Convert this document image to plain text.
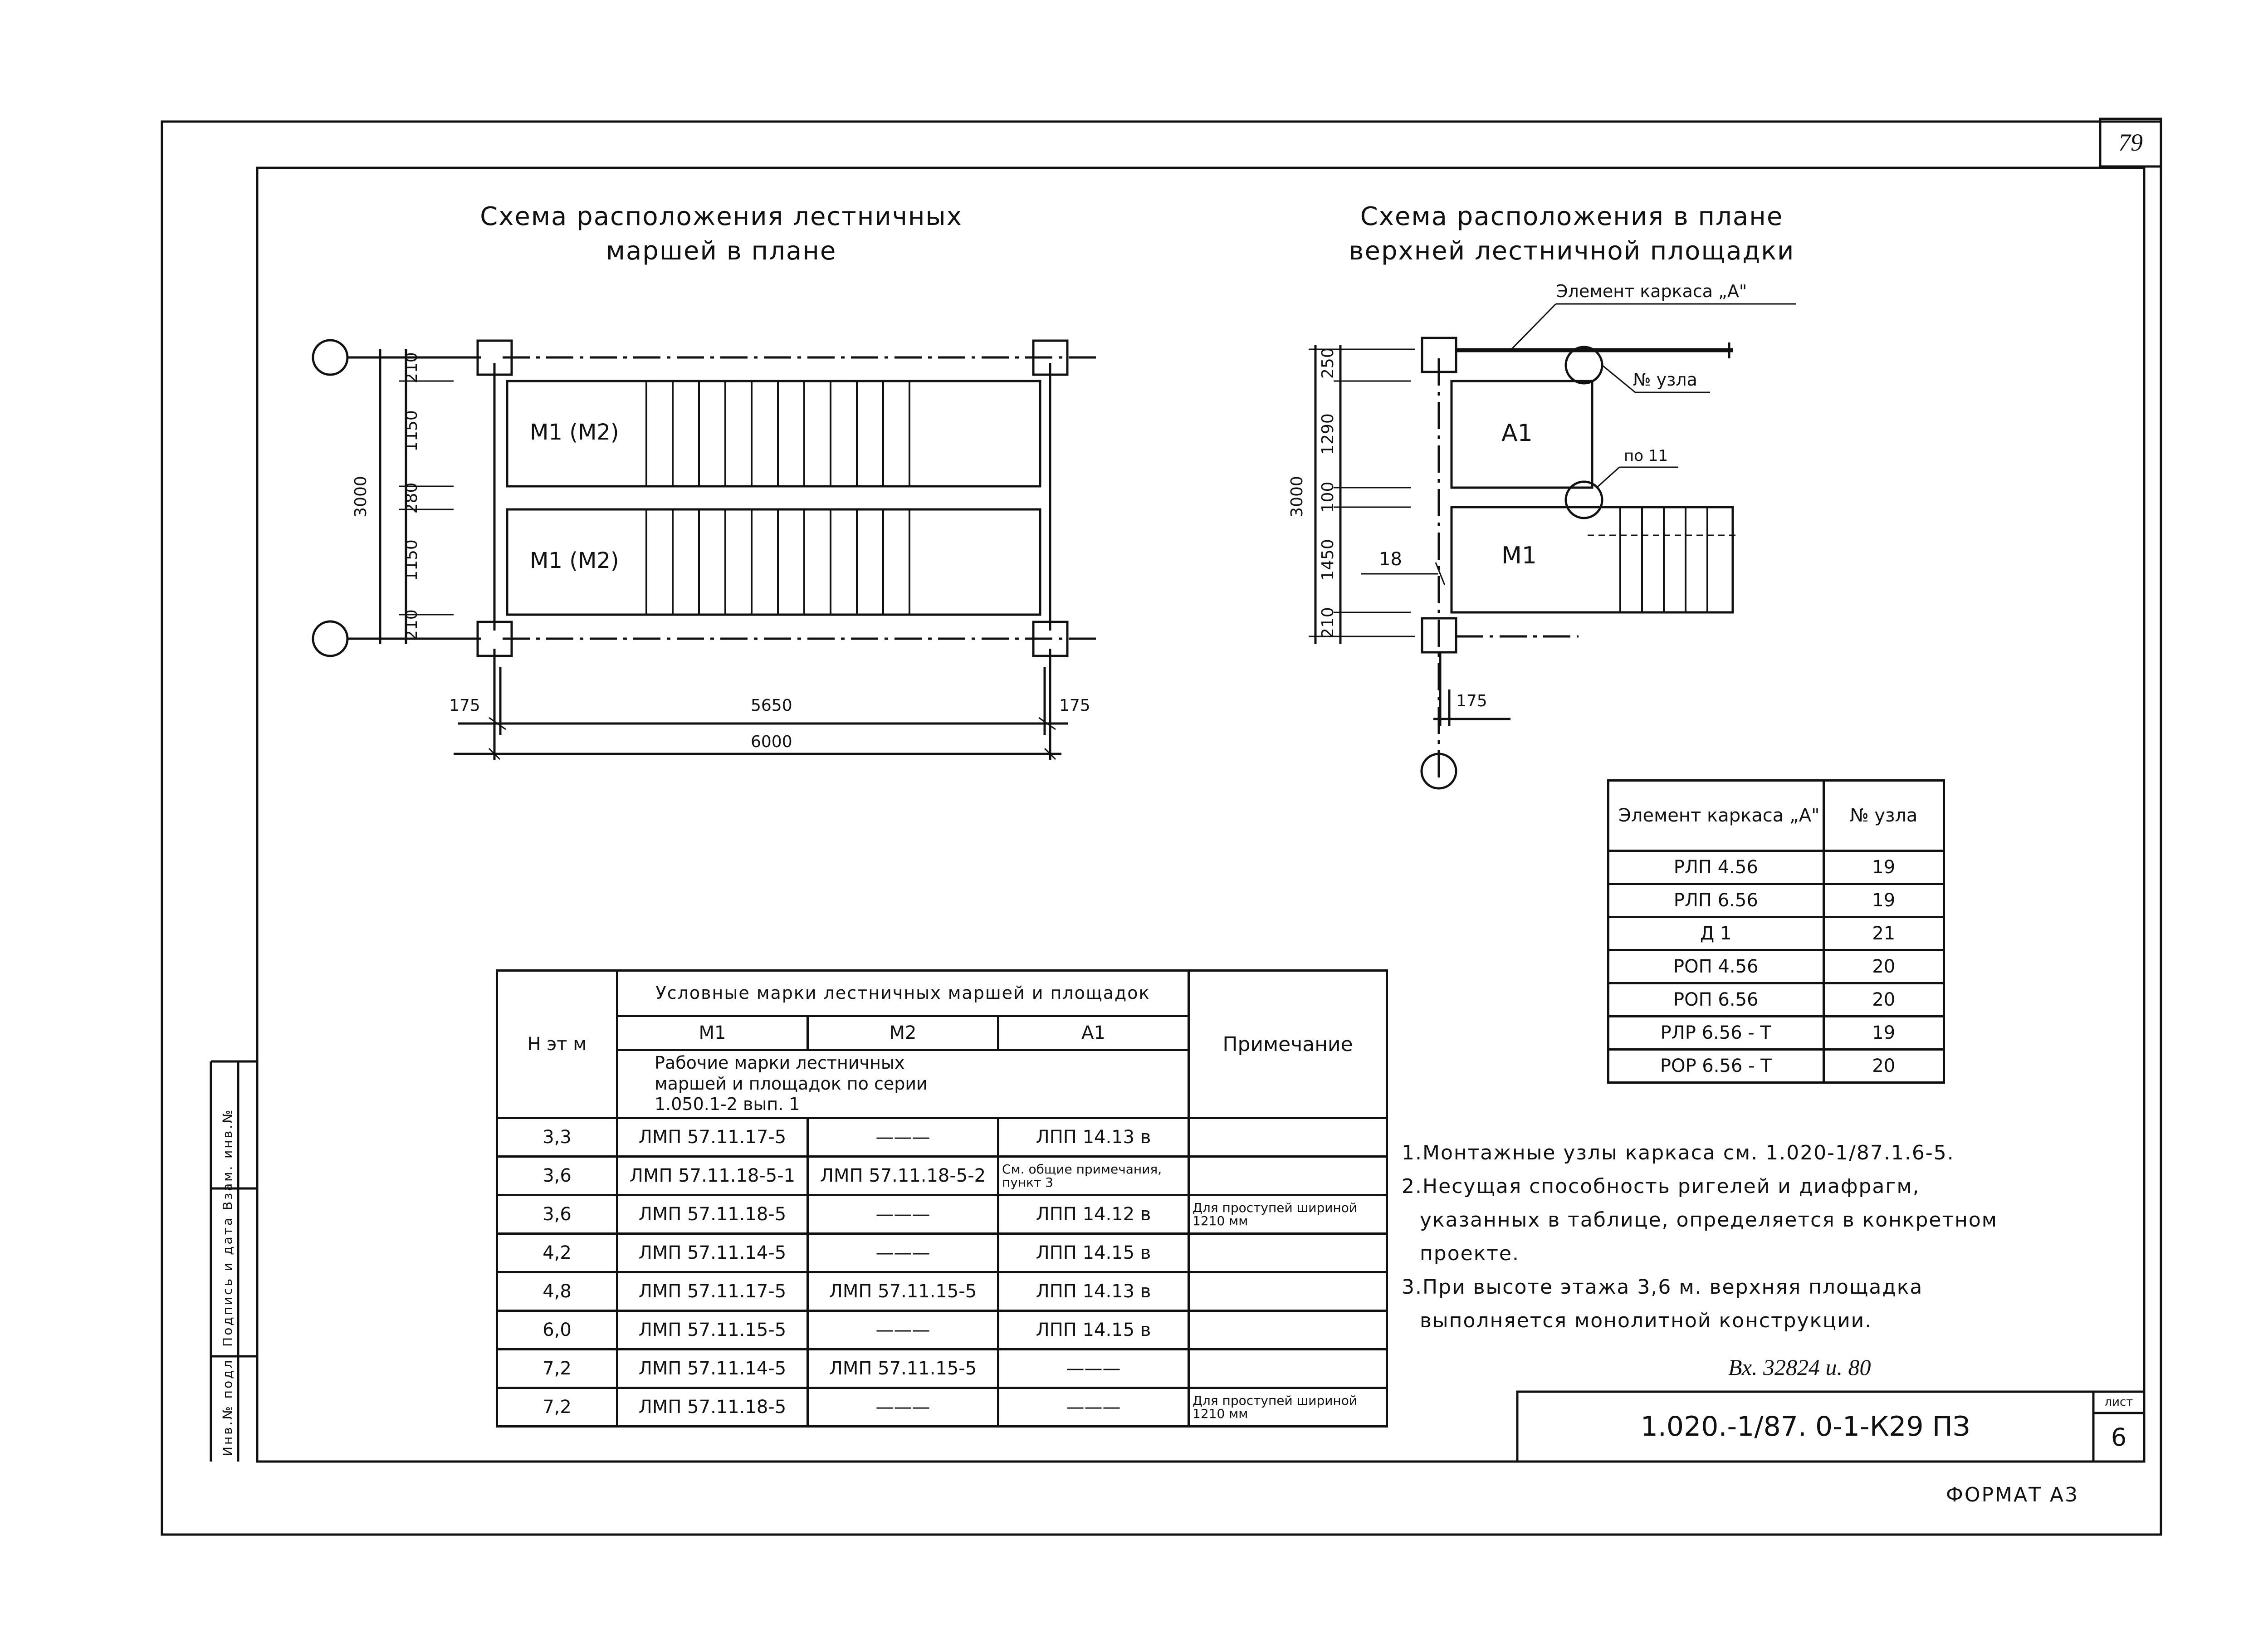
79
ФОРМАТ А3
1.020.-1/87. 0-1-К29 ПЗ
лист
6
Вх. 32824 и. 80
Инв.№ подл. Подпись и дата Взам. инв.№
Схема расположения лестничных
маршей в плане
М1 (М2)
М1 (М2)
210
1150
280
1150
210
3000
175	5650	175
6000
Схема расположения в плане
верхней лестничной площадки
Элемент каркаса „А"
№ узла
по 11
А1
М1
18
250
1290
100
1450
210
3000
175
Элемент каркаса „А"	№ узла
РЛП 4.56	19
РЛП 6.56	19
Д 1	21
РОП 4.56	20
РОП 6.56	20
РЛР 6.56 - Т	19
РОР 6.56 - Т	20
Н эт м	Условные марки лестничных маршей и площадок			Примечание
	М1	М2	А1	
	Рабочие марки лестничных маршей и площадок по серии 1.050.1-2 вып. 1			
3,3	ЛМП 57.11.17-5	———	ЛПП 14.13 в	
3,6	ЛМП 57.11.18-5-1	ЛМП 57.11.18-5-2	См. общие примечания, пункт 3	
3,6	ЛМП 57.11.18-5	———	ЛПП 14.12 в	Для проступей шириной 1210 мм
4,2	ЛМП 57.11.14-5	———	ЛПП 14.15 в	
4,8	ЛМП 57.11.17-5	ЛМП 57.11.15-5	ЛПП 14.13 в	
6,0	ЛМП 57.11.15-5	———	ЛПП 14.15 в	
7,2	ЛМП 57.11.14-5	ЛМП 57.11.15-5	———	
7,2	ЛМП 57.11.18-5	———	———	Для проступей шириной 1210 мм
1.Монтажные узлы каркаса см. 1.020-1/87.1.6-5.
2.Несущая способность ригелей и диафрагм,
указанных в таблице, определяется в конкретном
проекте.
3.При высоте этажа 3,6 м. верхняя площадка
выполняется монолитной конструкции.
